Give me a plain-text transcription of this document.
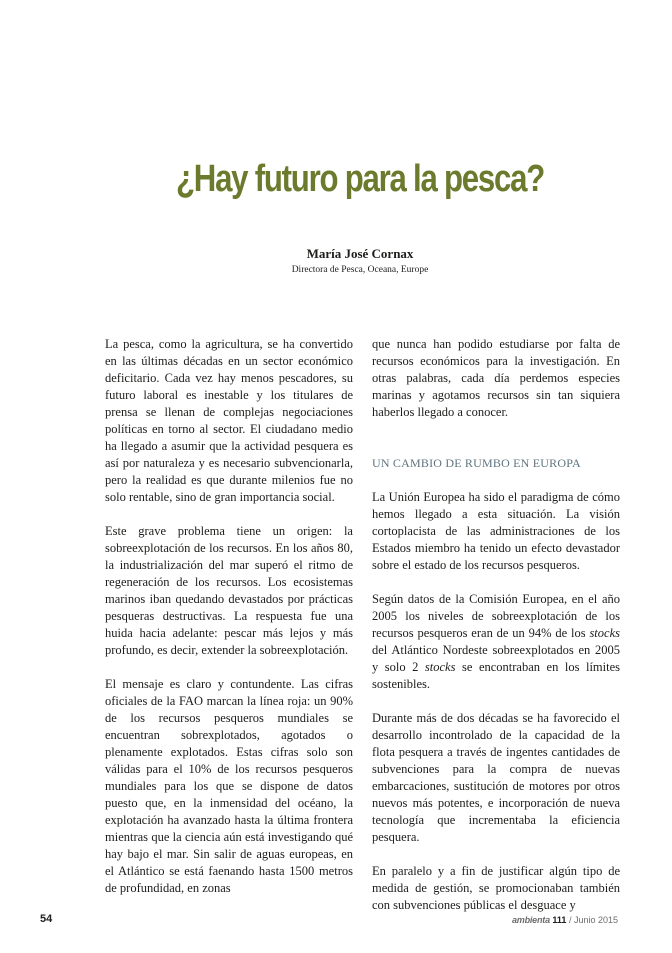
¿Hay futuro para la pesca?
María José Cornax
Directora de Pesca, Oceana, Europe

La pesca, como la agricultura, se ha convertido en las últimas décadas en un sector económico deficitario. Cada vez hay menos pescadores, su futuro laboral es inestable y los titulares de prensa se llenan de complejas negociaciones políticas en torno al sector. El ciudadano medio ha llegado a asumir que la actividad pesquera es así por naturaleza y es necesario subvencionarla, pero la realidad es que durante milenios fue no solo rentable, sino de gran importancia social.

Este grave problema tiene un origen: la sobreexplotación de los recursos. En los años 80, la industrialización del mar superó el ritmo de regeneración de los recursos. Los ecosistemas marinos iban quedando devastados por prácticas pesqueras destructivas. La respuesta fue una huida hacia adelante: pescar más lejos y más profundo, es decir, extender la sobreexplotación.

El mensaje es claro y contundente. Las cifras oficiales de la FAO marcan la línea roja: un 90% de los recursos pesqueros mundiales se encuentran sobrexplotados, agotados o plenamente explotados. Estas cifras solo son válidas para el 10% de los recursos pesqueros mundiales para los que se dispone de datos puesto que, en la inmensidad del océano, la explotación ha avanzado hasta la última frontera mientras que la ciencia aún está investigando qué hay bajo el mar. Sin salir de aguas europeas, en el Atlántico se está faenando hasta 1500 metros de profundidad, en zonas

que nunca han podido estudiarse por falta de recursos económicos para la investigación. En otras palabras, cada día perdemos especies marinas y agotamos recursos sin tan siquiera haberlos llegado a conocer.

UN CAMBIO DE RUMBO EN EUROPA

La Unión Europea ha sido el paradigma de cómo hemos llegado a esta situación. La visión cortoplacista de las administraciones de los Estados miembro ha tenido un efecto devastador sobre el estado de los recursos pesqueros.

Según datos de la Comisión Europea, en el año 2005 los niveles de sobreexplotación de los recursos pesqueros eran de un 94% de los stocks del Atlántico Nordeste sobreexplotados en 2005 y solo 2 stocks se encontraban en los límites sostenibles.

Durante más de dos décadas se ha favorecido el desarrollo incontrolado de la capacidad de la flota pesquera a través de ingentes cantidades de subvenciones para la compra de nuevas embarcaciones, sustitución de motores por otros nuevos más potentes, e incorporación de nueva tecnología que incrementaba la eficiencia pesquera.

En paralelo y a fin de justificar algún tipo de medida de gestión, se promocionaban también con subvenciones públicas el desguace y

54	ambienta 111 / Junio 2015
